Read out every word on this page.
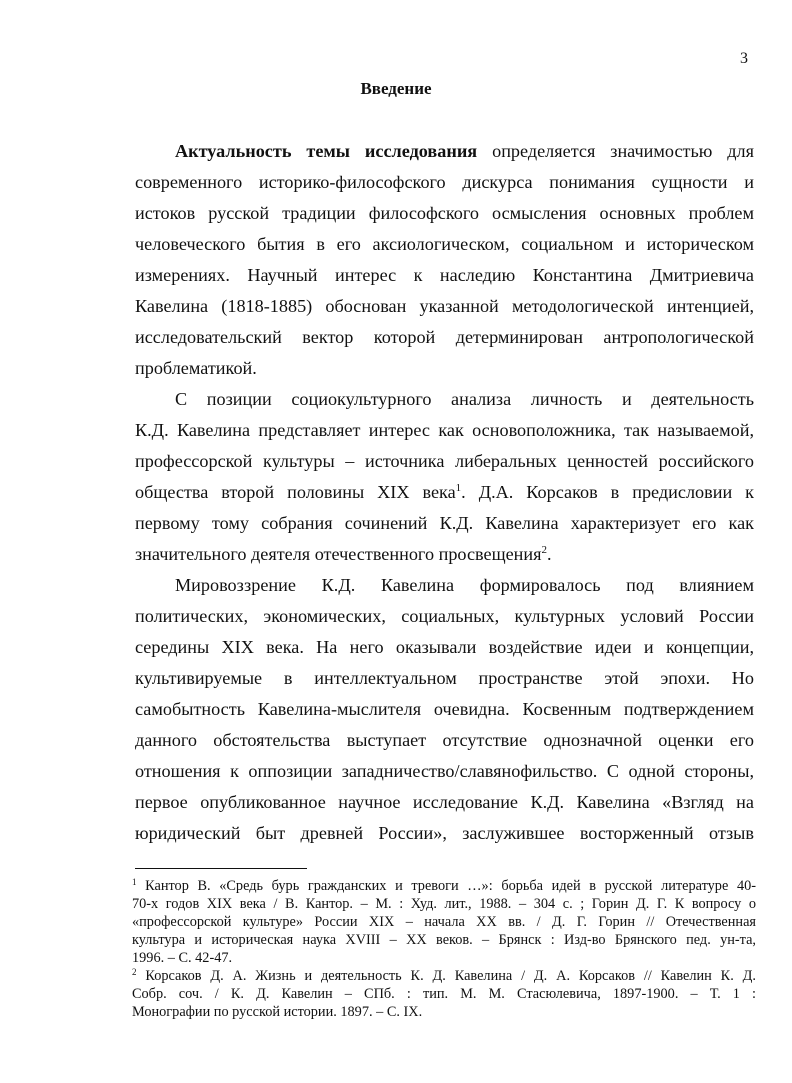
3
Введение
Актуальность темы исследования определяется значимостью для
современного историко-философского дискурса понимания сущности и
истоков русской традиции философского осмысления основных проблем
человеческого бытия в его аксиологическом, социальном и историческом
измерениях. Научный интерес к наследию Константина Дмитриевича
Кавелина (1818-1885) обоснован указанной методологической интенцией,
исследовательский вектор которой детерминирован антропологической
проблематикой.
С позиции социокультурного анализа личность и деятельность
К.Д. Кавелина представляет интерес как основоположника, так называемой,
профессорской культуры – источника либеральных ценностей российского
общества второй половины XIX века$^1$. Д.А. Корсаков в предисловии к
первому тому собрания сочинений К.Д. Кавелина характеризует его как
значительного деятеля отечественного просвещения$^2$.
Мировоззрение К.Д. Кавелина формировалось под влиянием
политических, экономических, социальных, культурных условий России
середины XIX века. На него оказывали воздействие идеи и концепции,
культивируемые в интеллектуальном пространстве этой эпохи. Но
самобытность Кавелина-мыслителя очевидна. Косвенным подтверждением
данного обстоятельства выступает отсутствие однозначной оценки его
отношения к оппозиции западничество/славянофильство. С одной стороны,
первое опубликованное научное исследование К.Д. Кавелина «Взгляд на
юридический быт древней России», заслужившее восторженный отзыв
$^1$ Кантор В. «Средь бурь гражданских и тревоги …»: борьба идей в русской литературе 40-
70-х годов XIX века / В. Кантор. – М. : Худ. лит., 1988. – 304 с. ; Горин Д. Г. К вопросу о
«профессорской культуре» России XIX – начала XX вв. / Д. Г. Горин // Отечественная
культура и историческая наука XVIII – XX веков. – Брянск : Изд-во Брянского пед. ун-та,
1996. – С. 42-47.
$^2$ Корсаков Д. А. Жизнь и деятельность К. Д. Кавелина / Д. А. Корсаков // Кавелин К. Д.
Собр. соч. / К. Д. Кавелин – СПб. : тип. М. М. Стасюлевича, 1897-1900. – Т. 1 :
Монографии по русской истории. 1897. – С. IX.
